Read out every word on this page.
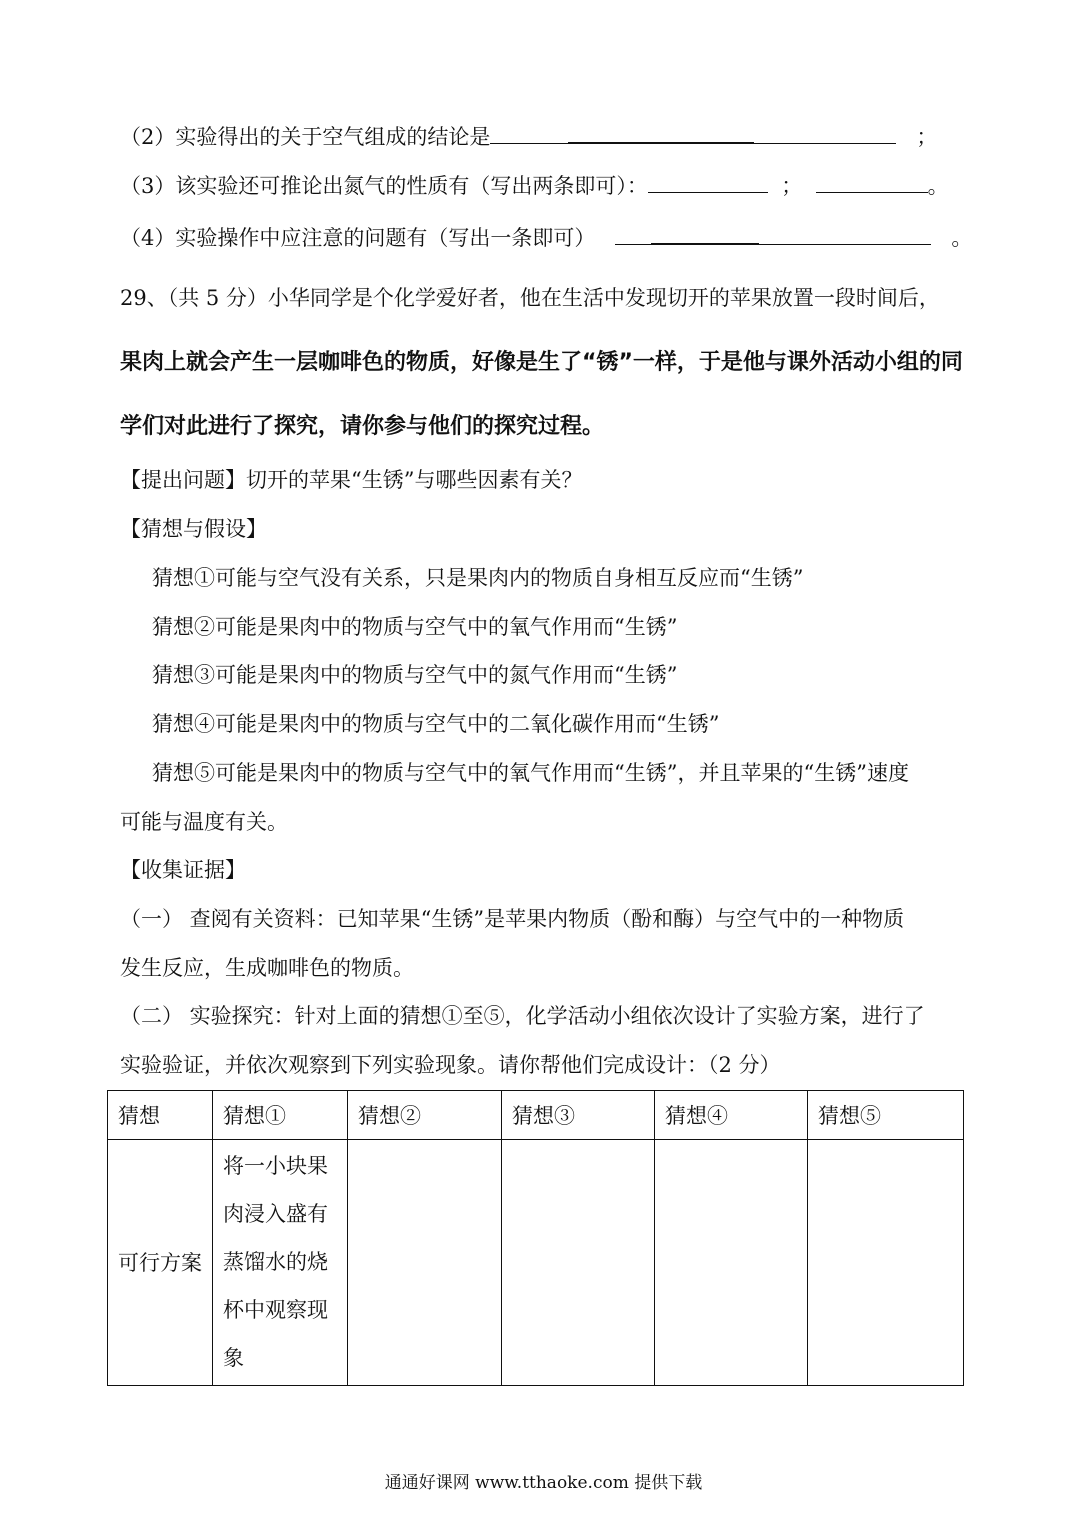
（2）实验得出的关于空气组成的结论是	；
（3）该实验还可推论出氮气的性质有（写出两条即可）：	；	。
（4）实验操作中应注意的问题有（写出一条即可）	。
29、（共 5 分）小华同学是个化学爱好者，他在生活中发现切开的苹果放置一段时间后，
果肉上就会产生一层咖啡色的物质，好像是生了“锈”一样，于是他与课外活动小组的同
学们对此进行了探究，请你参与他们的探究过程。
【提出问题】切开的苹果“生锈”与哪些因素有关？
【猜想与假设】
猜想①可能与空气没有关系，只是果肉内的物质自身相互反应而“生锈”
猜想②可能是果肉中的物质与空气中的氧气作用而“生锈”
猜想③可能是果肉中的物质与空气中的氮气作用而“生锈”
猜想④可能是果肉中的物质与空气中的二氧化碳作用而“生锈”
猜想⑤可能是果肉中的物质与空气中的氧气作用而“生锈”，并且苹果的“生锈”速度
可能与温度有关。
【收集证据】
（一） 查阅有关资料：已知苹果“生锈”是苹果内物质（酚和酶）与空气中的一种物质
发生反应，生成咖啡色的物质。
（二） 实验探究：针对上面的猜想①至⑤，化学活动小组依次设计了实验方案，进行了
实验验证，并依次观察到下列实验现象。请你帮他们完成设计：（2 分）
猜想	猜想①	猜想②	猜想③	猜想④	猜想⑤
可行方案	将一小块果肉浸入盛有蒸馏水的烧杯中观察现象				
通通好课网 www.tthaoke.com 提供下载
